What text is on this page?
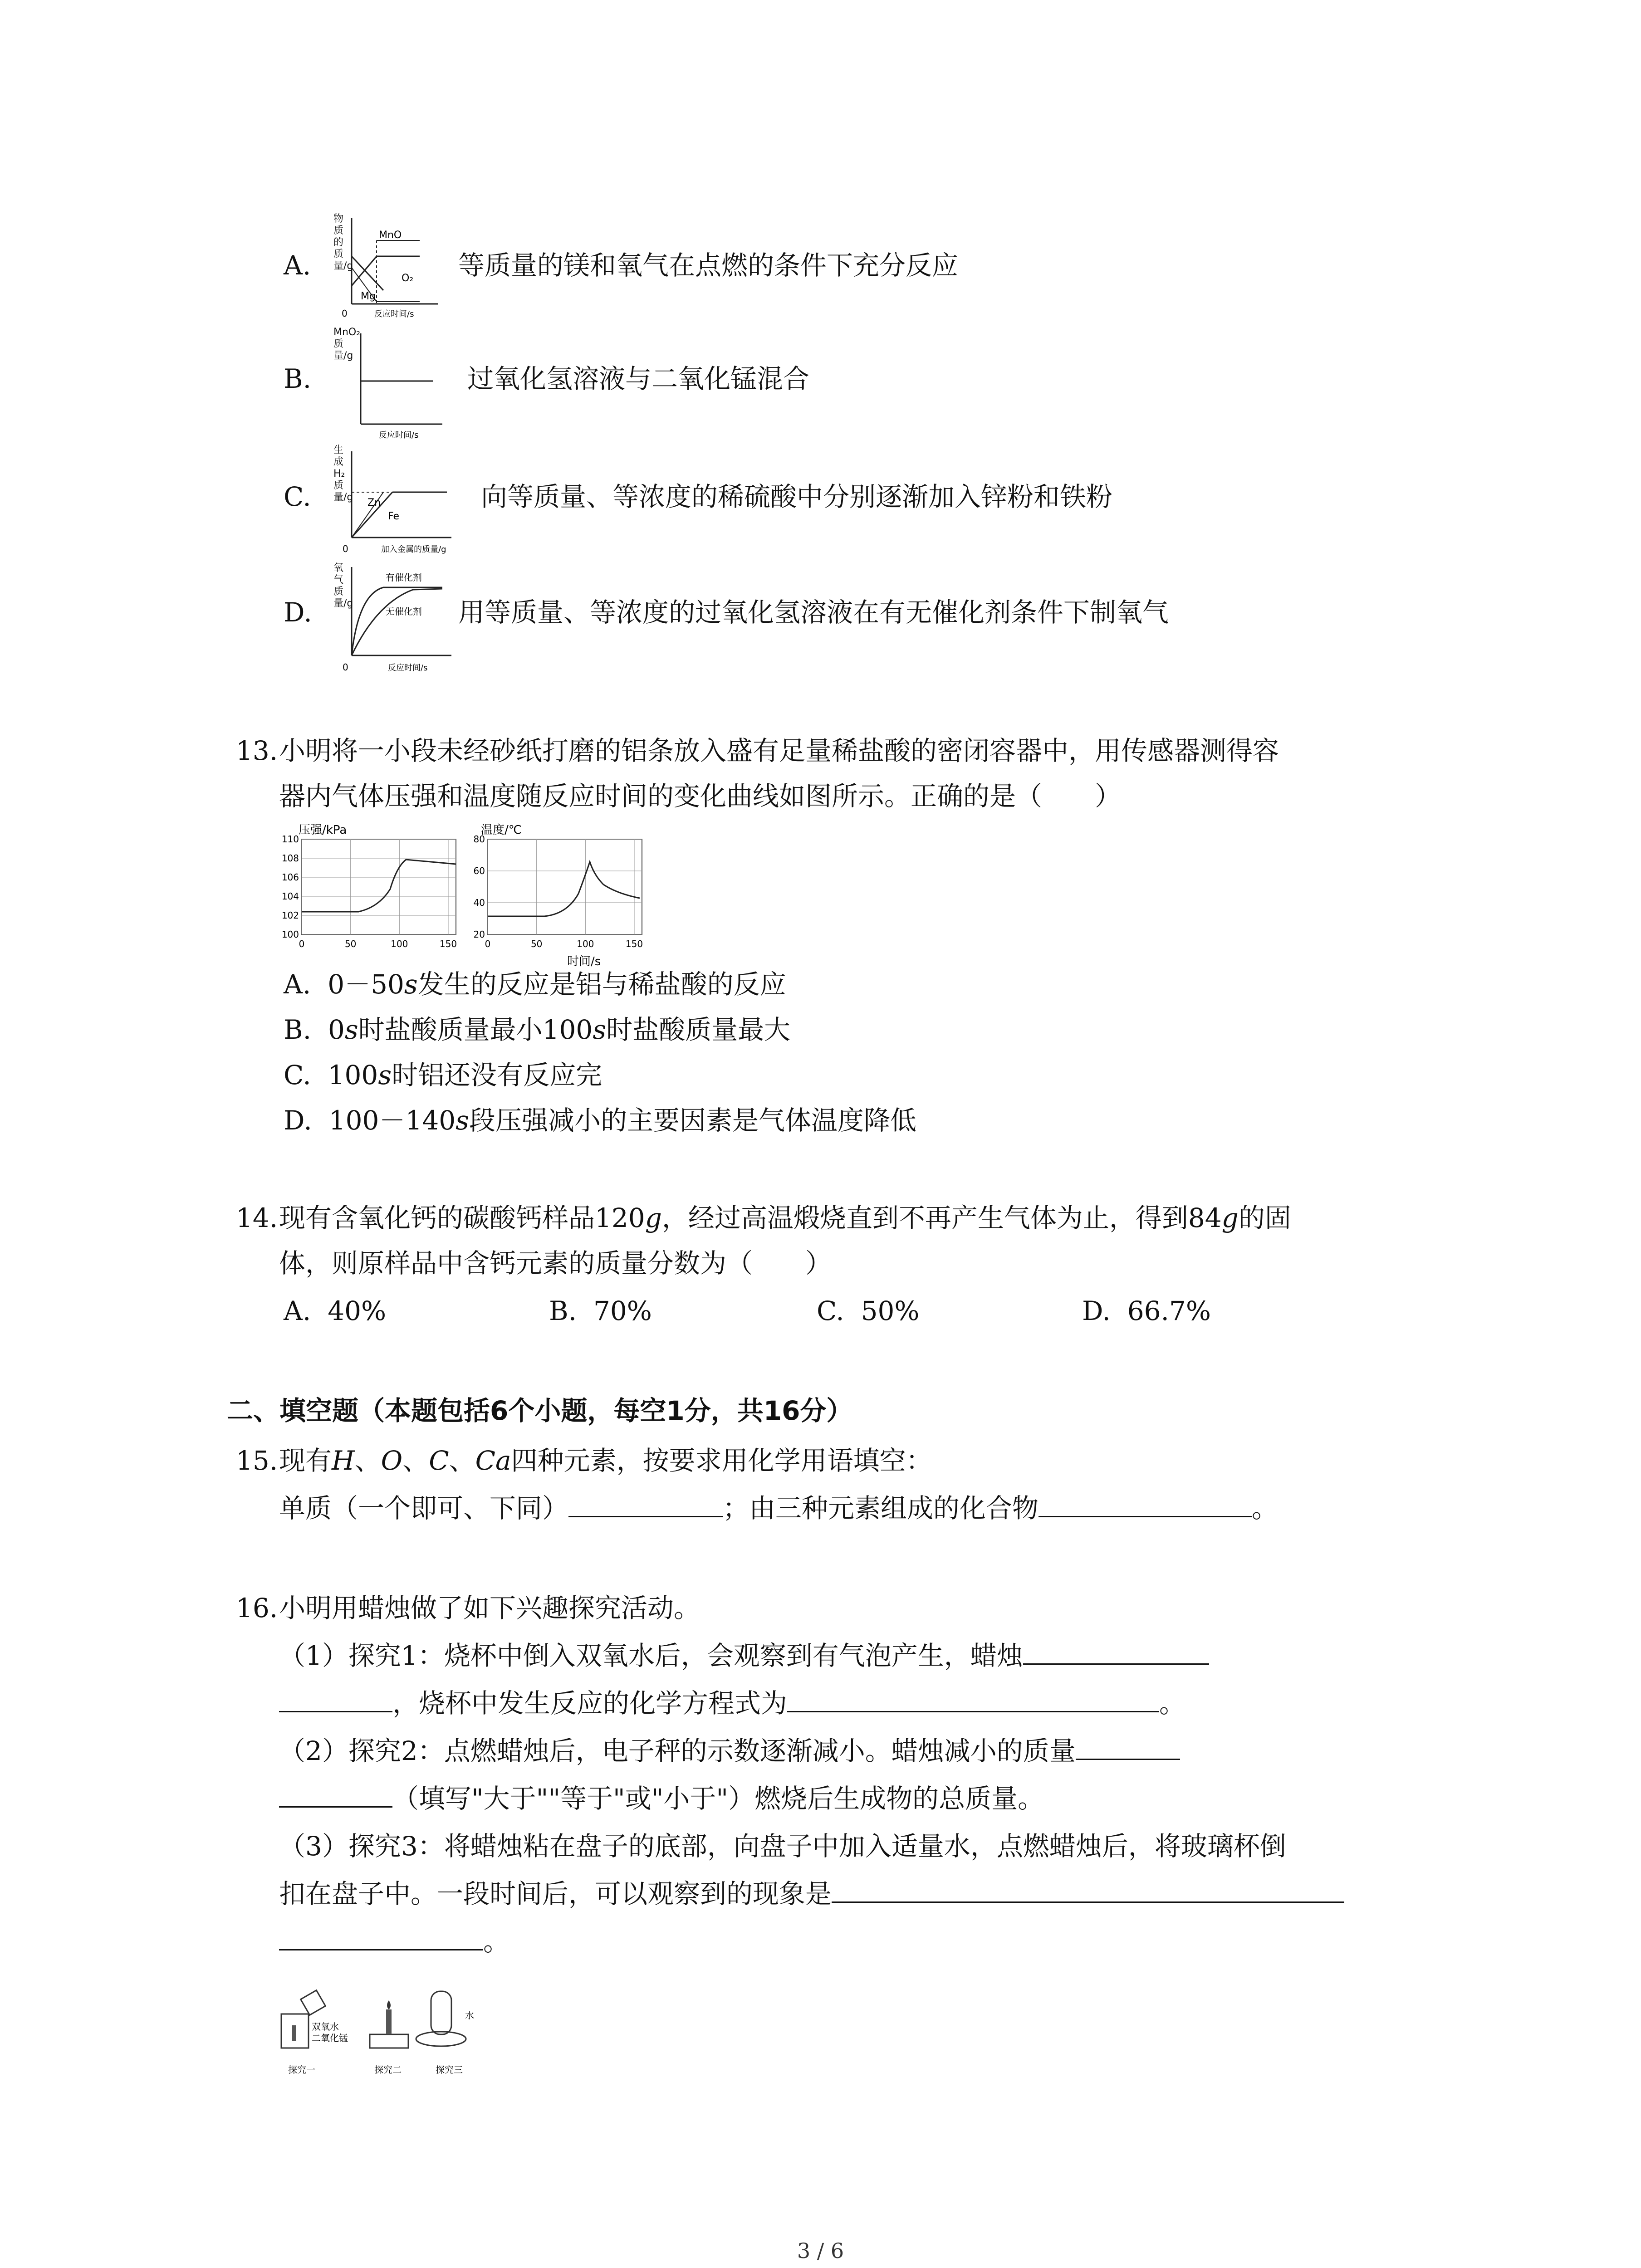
A.
MnO
O₂
Mg
0	反应时间/s
物质的质量/g	等质量的镁和氧气在点燃的条件下充分反应
B.
反应时间/s
MnO₂质量/g
过氧化氢溶液与二氧化锰混合
C.	Zn
Fe
0	加入金属的质量/g
生成H₂质量/g	向等质量、等浓度的稀硫酸中分别逐渐加入锌粉和铁粉
D.
有催化剂
无催化剂
0	反应时间/s
氧气质量/g	用等质量、等浓度的过氧化氢溶液在有无催化剂条件下制氧气
13. 小明将一小段未经砂纸打磨的铝条放入盛有足量稀盐酸的密闭容器中，用传感器测得容
器内气体压强和温度随反应时间的变化曲线如图所示。正确的是（　　）
压强/kPa
110
108
106
104
102
100
0	50	100	150
温度/℃
80
60
40
20
0	50	100	150
时间/s
A. 0－50s发生的反应是铝与稀盐酸的反应
B. 0s时盐酸质量最小100s时盐酸质量最大
C. 100s时铝还没有反应完
D. 100－140s段压强减小的主要因素是气体温度降低
14. 现有含氧化钙的碳酸钙样品120g，经过高温煅烧直到不再产生气体为止，得到84g的固
体，则原样品中含钙元素的质量分数为（　　）
A. 40%	B. 70%	C. 50%	D. 66.7%
二、填空题（本题包括6个小题，每空1分，共16分）
15. 现有H、O、C、Ca四种元素，按要求用化学用语填空：
单质（一个即可、下同）	；由三种元素组成的化合物	。
16. 小明用蜡烛做了如下兴趣探究活动。
（1）探究1：烧杯中倒入双氧水后，会观察到有气泡产生，蜡烛
，烧杯中发生反应的化学方程式为	。
（2）探究2：点燃蜡烛后，电子秤的示数逐渐减小。蜡烛减小的质量
（填写"大于""等于"或"小于"）燃烧后生成物的总质量。
（3）探究3：将蜡烛粘在盘子的底部，向盘子中加入适量水，点燃蜡烛后，将玻璃杯倒
扣在盘子中。一段时间后，可以观察到的现象是
。
双氧水
二氧化锰
水
探究一	探究二	探究三
3 / 6
